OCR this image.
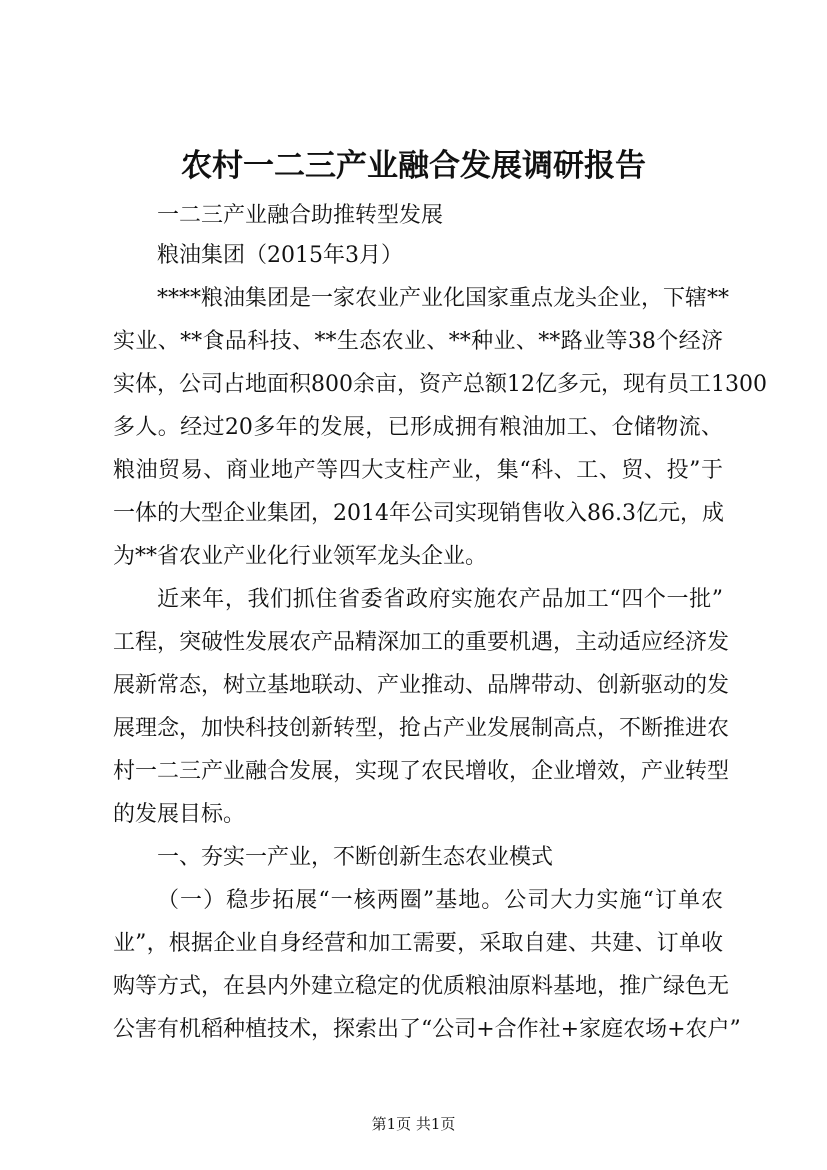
农村一二三产业融合发展调研报告
一二三产业融合助推转型发展
粮油集团（2015年3月）
****粮油集团是一家农业产业化国家重点龙头企业，下辖**
实业、**食品科技、**生态农业、**种业、**路业等38个经济
实体，公司占地面积800余亩，资产总额12亿多元，现有员工1300
多人。经过20多年的发展，已形成拥有粮油加工、仓储物流、
粮油贸易、商业地产等四大支柱产业，集“科、工、贸、投”于
一体的大型企业集团，2014年公司实现销售收入86.3亿元，成
为**省农业产业化行业领军龙头企业。
近来年，我们抓住省委省政府实施农产品加工“四个一批”
工程，突破性发展农产品精深加工的重要机遇，主动适应经济发
展新常态，树立基地联动、产业推动、品牌带动、创新驱动的发
展理念，加快科技创新转型，抢占产业发展制高点，不断推进农
村一二三产业融合发展，实现了农民增收，企业增效，产业转型
的发展目标。
一、夯实一产业，不断创新生态农业模式
（一）稳步拓展“一核两圈”基地。公司大力实施“订单农
业”，根据企业自身经营和加工需要，采取自建、共建、订单收
购等方式，在县内外建立稳定的优质粮油原料基地，推广绿色无
公害有机稻种植技术，探索出了“公司+合作社+家庭农场+农户”
第1页 共1页
